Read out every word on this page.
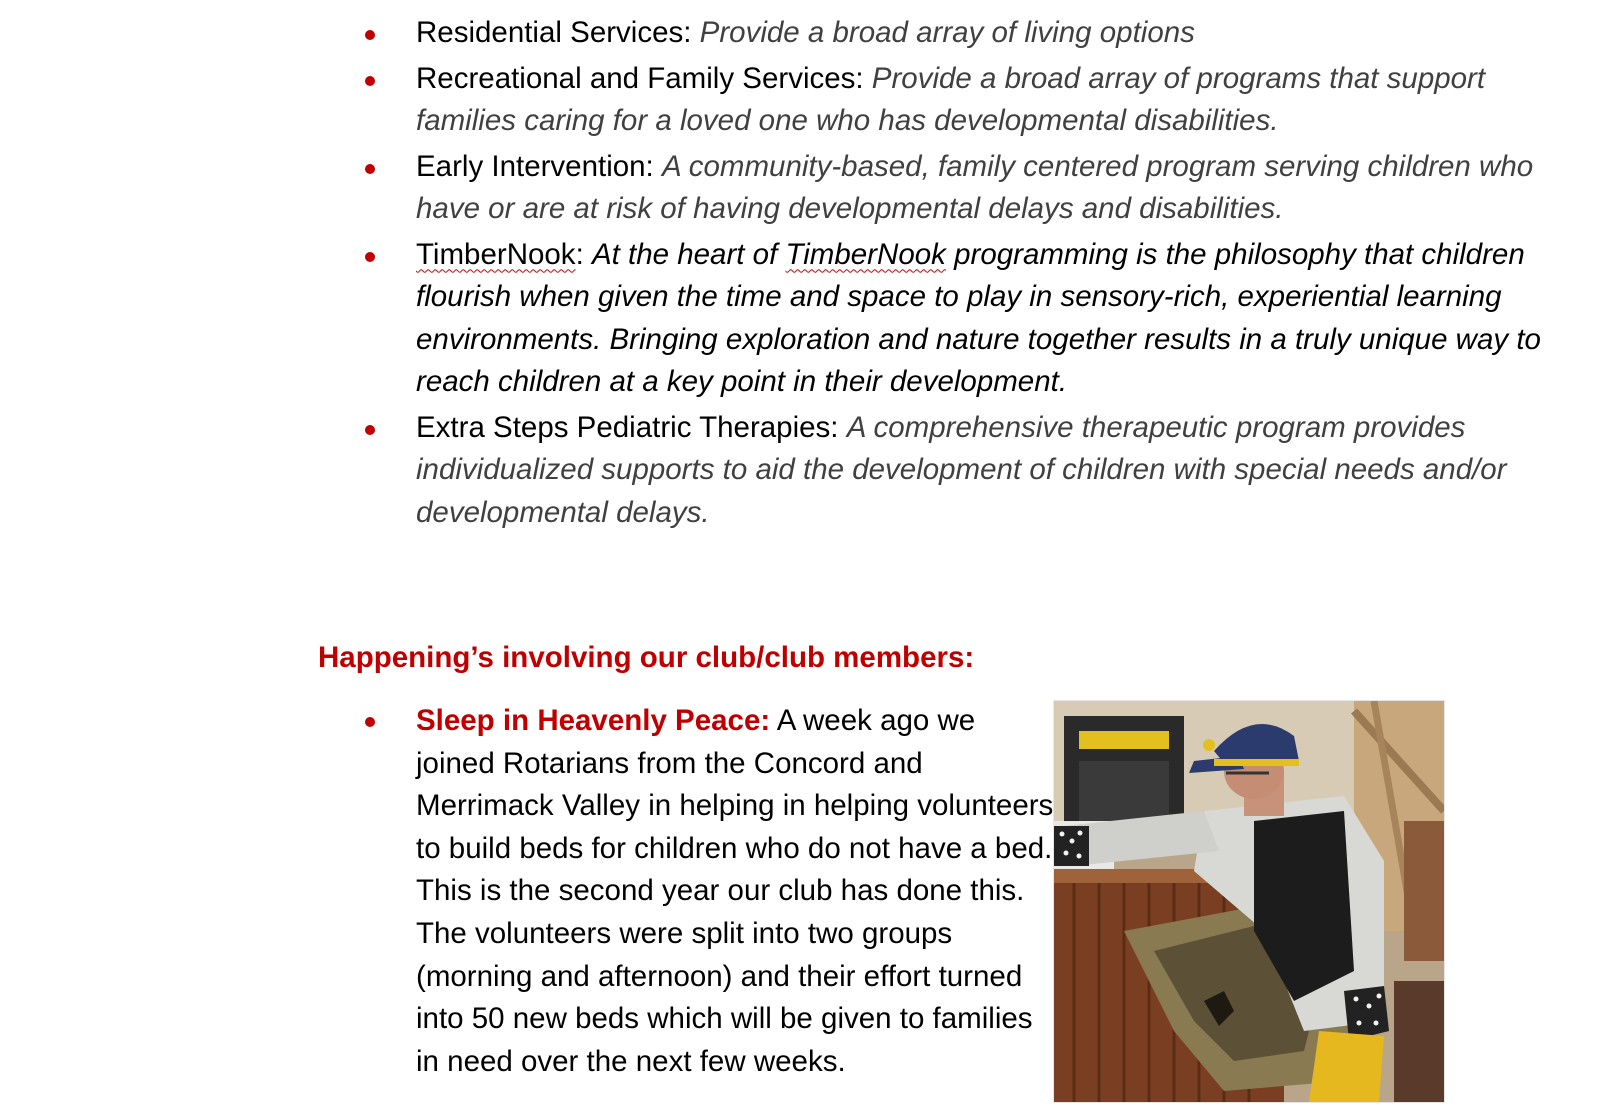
Residential Services: Provide a broad array of living options
Recreational and Family Services: Provide a broad array of programs that support families caring for a loved one who has developmental disabilities.
Early Intervention: A community-based, family centered program serving children who have or are at risk of having developmental delays and disabilities.
TimberNook: At the heart of TimberNook programming is the philosophy that children flourish when given the time and space to play in sensory-rich, experiential learning environments. Bringing exploration and nature together results in a truly unique way to reach children at a key point in their development.
Extra Steps Pediatric Therapies: A comprehensive therapeutic program provides individualized supports to aid the development of children with special needs and/or developmental delays.
Happening’s involving our club/club members:
Sleep in Heavenly Peace: A week ago we joined Rotarians from the Concord and Merrimack Valley in helping in helping volunteers to build beds for children who do not have a bed. This is the second year our club has done this. The volunteers were split into two groups (morning and afternoon) and their effort turned into 50 new beds which will be given to families in need over the next few weeks.
